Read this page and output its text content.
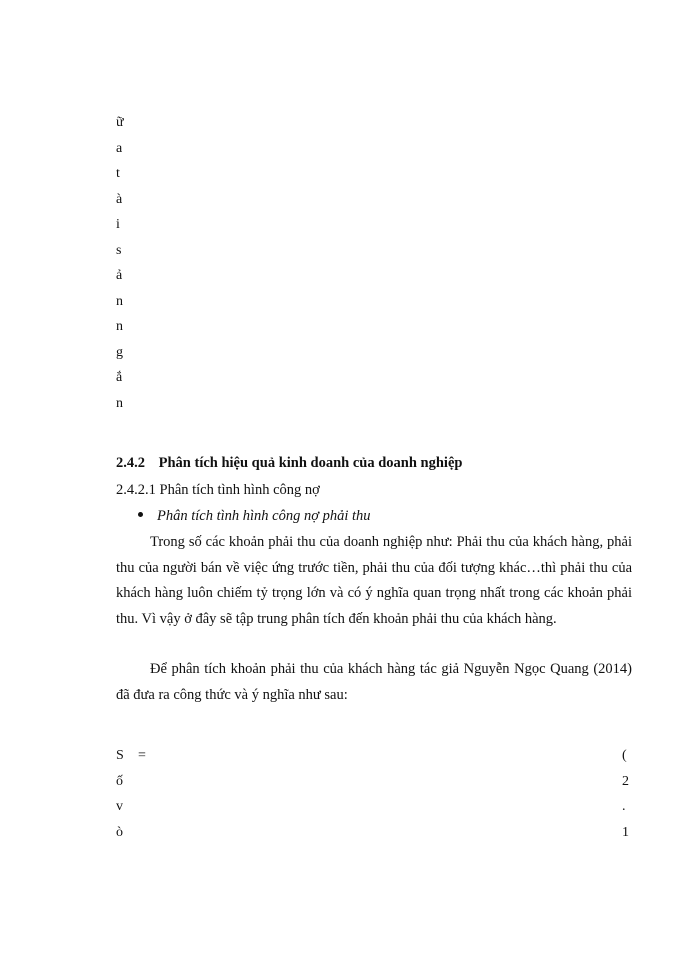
ữ
a
t
à
i
s
ả
n
n
g
ắ
n
2.4.2 Phân tích hiệu quả kinh doanh của doanh nghiệp
2.4.2.1 Phân tích tình hình công nợ
Phân tích tình hình công nợ phải thu

Trong số các khoản phải thu của doanh nghiệp như: Phải thu của khách hàng, phải thu của người bán về việc ứng trước tiền, phải thu của đối tượng khác…thì phải thu của khách hàng luôn chiếm tỷ trọng lớn và có ý nghĩa quan trọng nhất trong các khoản phải thu. Vì vậy ở đây sẽ tập trung phân tích đến khoản phải thu của khách hàng.

Để phân tích khoản phải thu của khách hàng tác giả Nguyễn Ngọc Quang (2014) đã đưa ra công thức và ý nghĩa như sau:

=
S
ố
v
ò
(
2
.
1
